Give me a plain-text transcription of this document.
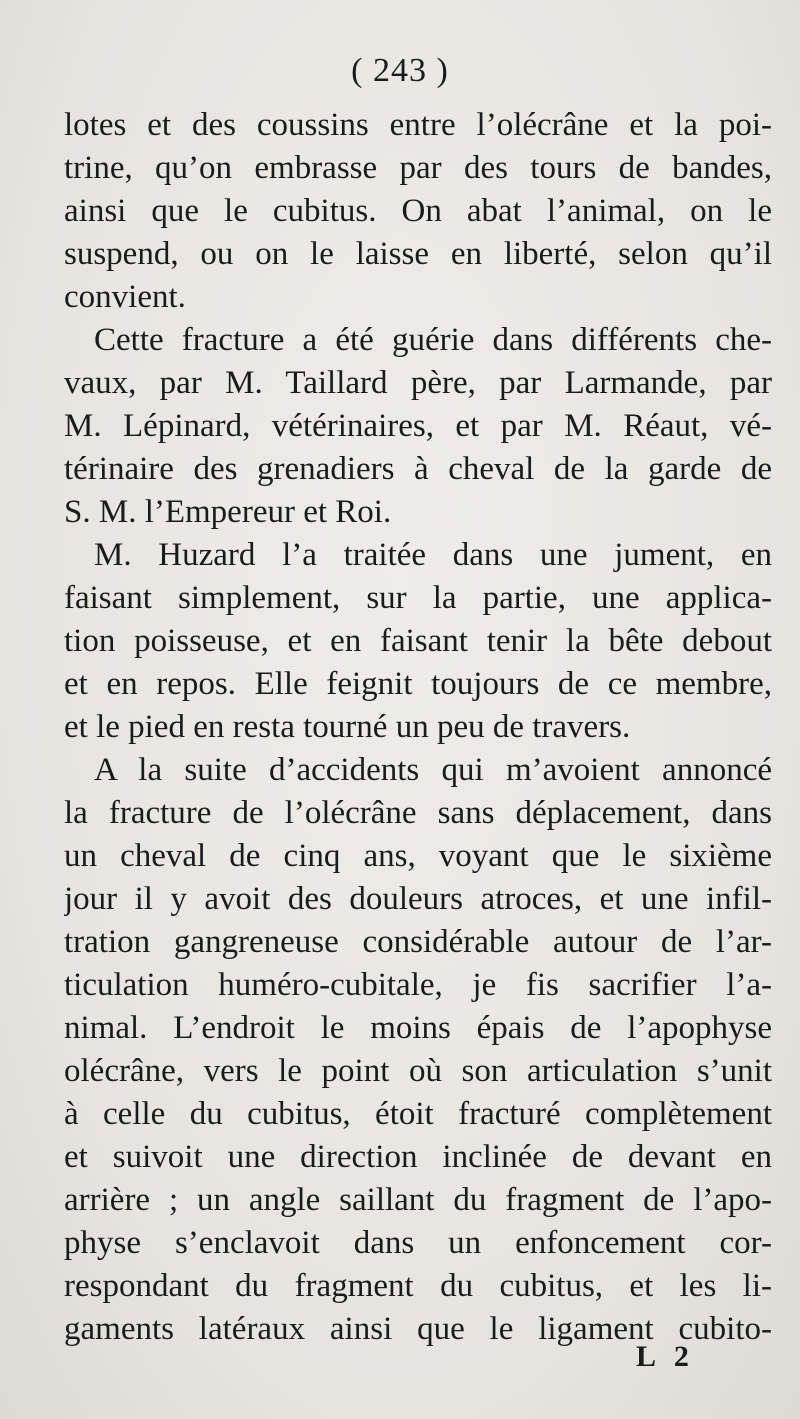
( 243 )
lotes et des coussins entre l’olécrâne et la poi-
trine, qu’on embrasse par des tours de bandes,
ainsi que le cubitus. On abat l’animal, on le
suspend, ou on le laisse en liberté, selon qu’il
convient.
Cette fracture a été guérie dans différents che-
vaux, par M. Taillard père, par Larmande, par
M. Lépinard, vétérinaires, et par M. Réaut, vé-
térinaire des grenadiers à cheval de la garde de
S. M. l’Empereur et Roi.
M. Huzard l’a traitée dans une jument, en
faisant simplement, sur la partie, une applica-
tion poisseuse, et en faisant tenir la bête debout
et en repos. Elle feignit toujours de ce membre,
et le pied en resta tourné un peu de travers.
A la suite d’accidents qui m’avoient annoncé
la fracture de l’olécrâne sans déplacement, dans
un cheval de cinq ans, voyant que le sixième
jour il y avoit des douleurs atroces, et une infil-
tration gangreneuse considérable autour de l’ar-
ticulation huméro-cubitale, je fis sacrifier l’a-
nimal. L’endroit le moins épais de l’apophyse
olécrâne, vers le point où son articulation s’unit
à celle du cubitus, étoit fracturé complètement
et suivoit une direction inclinée de devant en
arrière ; un angle saillant du fragment de l’apo-
physe s’enclavoit dans un enfoncement cor-
respondant du fragment du cubitus, et les li-
gaments latéraux ainsi que le ligament cubito-
L 2
